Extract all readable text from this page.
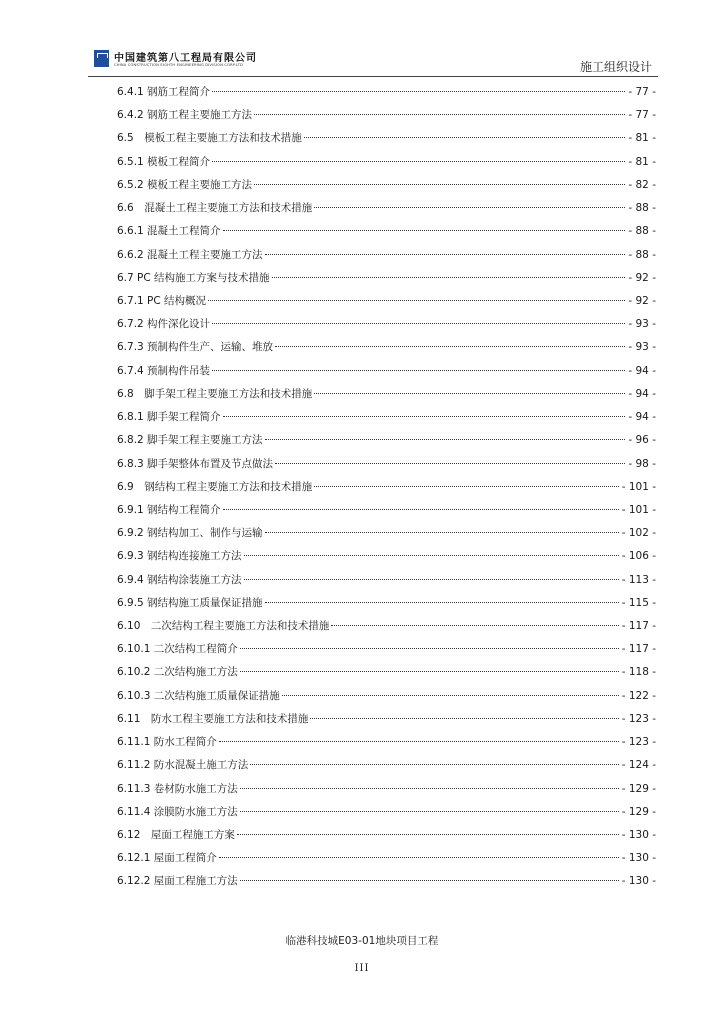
中国建筑第八工程局有限公司
CHINA CONSTRUCTION EIGHTH ENGINEERING DIVISION CORP.LTD	施工组织设计
6.4.1 钢筋工程简介	- 77 -
6.4.2 钢筋工程主要施工方法	- 77 -
6.5　模板工程主要施工方法和技术措施	- 81 -
6.5.1 模板工程简介	- 81 -
6.5.2 模板工程主要施工方法	- 82 -
6.6　混凝土工程主要施工方法和技术措施	- 88 -
6.6.1 混凝土工程简介	- 88 -
6.6.2 混凝土工程主要施工方法	- 88 -
6.7 PC 结构施工方案与技术措施	- 92 -
6.7.1 PC 结构概况	- 92 -
6.7.2 构件深化设计	- 93 -
6.7.3 预制构件生产、运输、堆放	- 93 -
6.7.4 预制构件吊装	- 94 -
6.8　脚手架工程主要施工方法和技术措施	- 94 -
6.8.1 脚手架工程简介	- 94 -
6.8.2 脚手架工程主要施工方法	- 96 -
6.8.3 脚手架整体布置及节点做法	- 98 -
6.9　钢结构工程主要施工方法和技术措施	- 101 -
6.9.1 钢结构工程简介	- 101 -
6.9.2 钢结构加工、制作与运输	- 102 -
6.9.3 钢结构连接施工方法	- 106 -
6.9.4 钢结构涂装施工方法	- 113 -
6.9.5 钢结构施工质量保证措施	- 115 -
6.10　二次结构工程主要施工方法和技术措施	- 117 -
6.10.1 二次结构工程简介	- 117 -
6.10.2 二次结构施工方法	- 118 -
6.10.3 二次结构施工质量保证措施	- 122 -
6.11　防水工程主要施工方法和技术措施	- 123 -
6.11.1 防水工程简介	- 123 -
6.11.2 防水混凝土施工方法	- 124 -
6.11.3 卷材防水施工方法	- 129 -
6.11.4 涂膜防水施工方法	- 129 -
6.12　屋面工程施工方案	- 130 -
6.12.1 屋面工程简介	- 130 -
6.12.2 屋面工程施工方法	- 130 -
临港科技城E03-01地块项目工程
III
